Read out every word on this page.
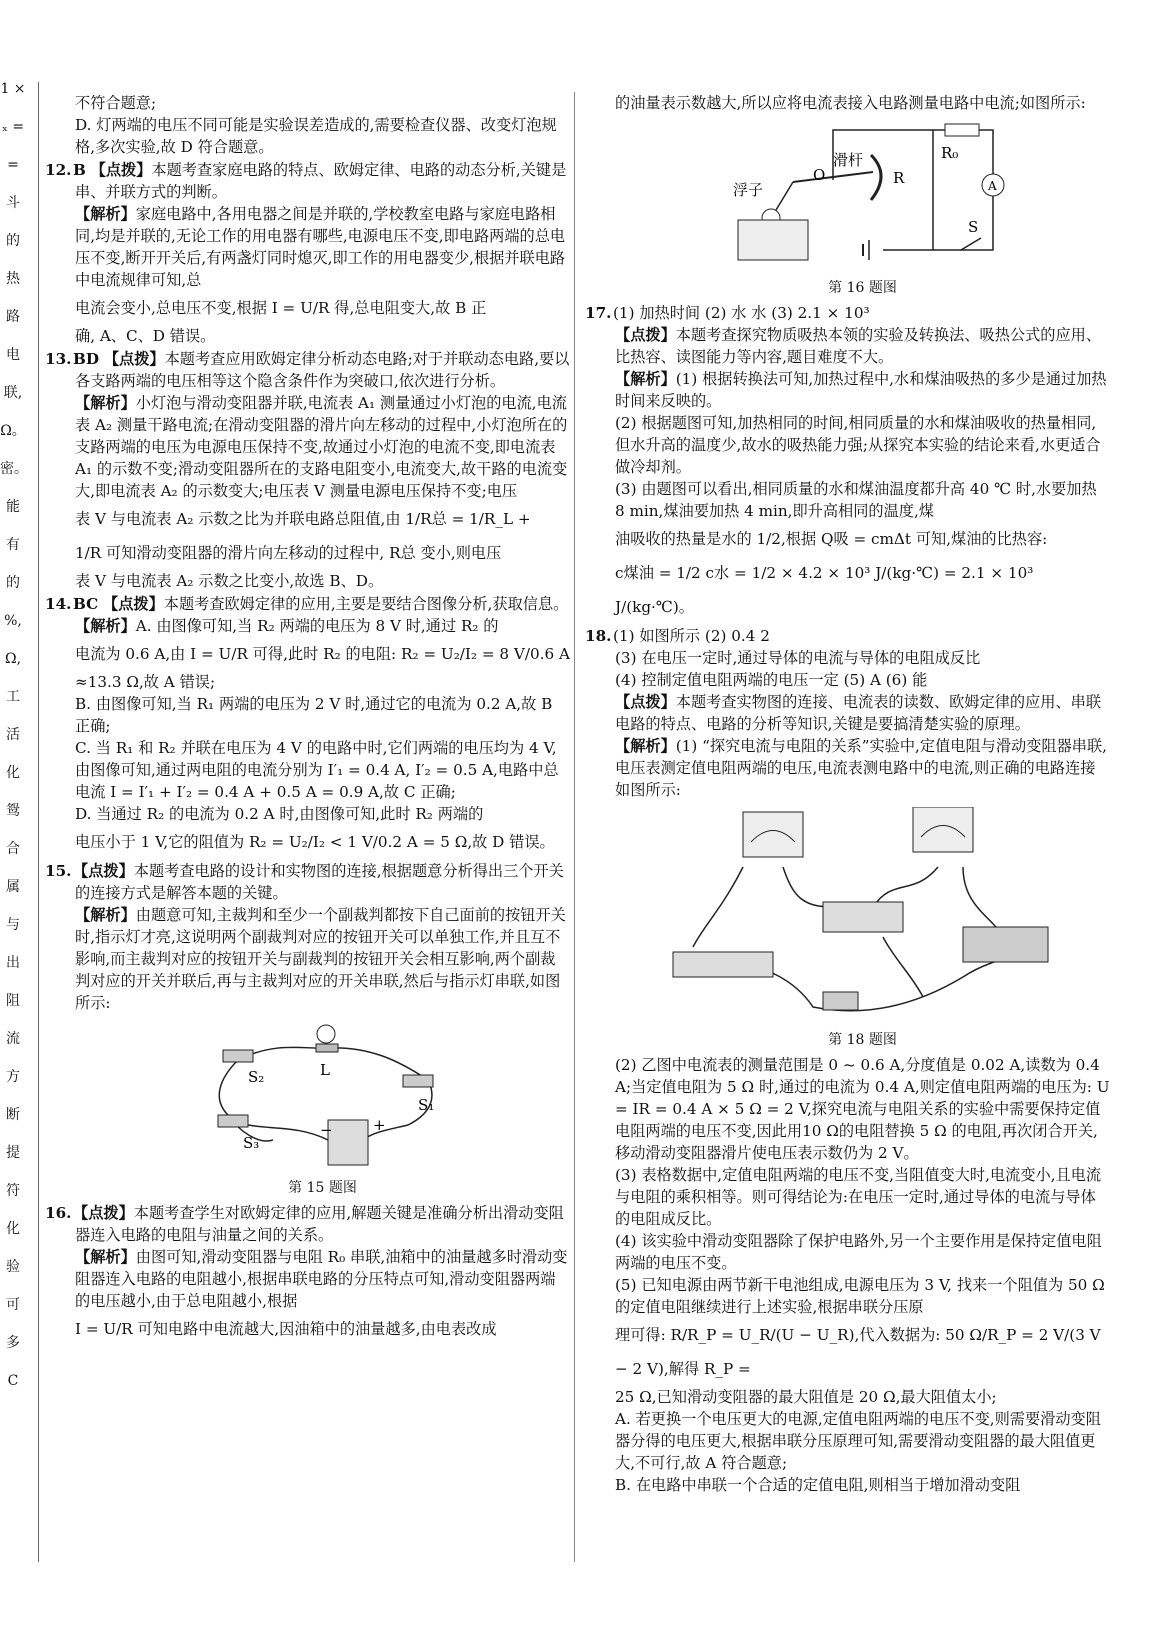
1 ×
ₓ =
=
斗
的
热
路
电
联,
Ω。
密。
能
有
的
%,
Ω,
工
活
化
鸳
合
属
与
出
阻
流
方
断
提
符
化
验
可
多
C

不符合题意;

D. 灯两端的电压不同可能是实验误差造成的,需要检查仪器、改变灯泡规格,多次实验,故 D 符合题意。

12. B 【点拨】本题考查家庭电路的特点、欧姆定律、电路的动态分析,关键是串、并联方式的判断。

【解析】家庭电路中,各用电器之间是并联的,学校教室电路与家庭电路相同,均是并联的,无论工作的用电器有哪些,电源电压不变,即电路两端的总电压不变,断开开关后,有两盏灯同时熄灭,即工作的用电器变少,根据并联电路中电流规律可知,总

电流会变小,总电压不变,根据 I = U/R 得,总电阻变大,故 B 正

确, A、C、D 错误。

13. BD 【点拨】本题考查应用欧姆定律分析动态电路;对于并联动态电路,要以各支路两端的电压相等这个隐含条件作为突破口,依次进行分析。

【解析】小灯泡与滑动变阻器并联,电流表 A₁ 测量通过小灯泡的电流,电流表 A₂ 测量干路电流;在滑动变阻器的滑片向左移动的过程中,小灯泡所在的支路两端的电压为电源电压保持不变,故通过小灯泡的电流不变,即电流表 A₁ 的示数不变;滑动变阻器所在的支路电阻变小,电流变大,故干路的电流变大,即电流表 A₂ 的示数变大;电压表 V 测量电源电压保持不变;电压

表 V 与电流表 A₂ 示数之比为并联电路总阻值,由 1/R总 = 1/R_L +

1/R 可知滑动变阻器的滑片向左移动的过程中, R总 变小,则电压

表 V 与电流表 A₂ 示数之比变小,故选 B、D。

14. BC 【点拨】本题考查欧姆定律的应用,主要是要结合图像分析,获取信息。

【解析】A. 由图像可知,当 R₂ 两端的电压为 8 V 时,通过 R₂ 的

电流为 0.6 A,由 I = U/R 可得,此时 R₂ 的电阻: R₂ = U₂/I₂ = 8 V/0.6 A

≈13.3 Ω,故 A 错误;

B. 由图像可知,当 R₁ 两端的电压为 2 V 时,通过它的电流为 0.2 A,故 B 正确;

C. 当 R₁ 和 R₂ 并联在电压为 4 V 的电路中时,它们两端的电压均为 4 V,由图像可知,通过两电阻的电流分别为 I′₁ = 0.4 A, I′₂ = 0.5 A,电路中总电流 I = I′₁ + I′₂ = 0.4 A + 0.5 A = 0.9 A,故 C 正确;

D. 当通过 R₂ 的电流为 0.2 A 时,由图像可知,此时 R₂ 两端的

电压小于 1 V,它的阻值为 R₂ = U₂/I₂ < 1 V/0.2 A = 5 Ω,故 D 错误。

15. 【点拨】本题考查电路的设计和实物图的连接,根据题意分析得出三个开关的连接方式是解答本题的关键。

【解析】由题意可知,主裁判和至少一个副裁判都按下自己面前的按钮开关时,指示灯才亮,这说明两个副裁判对应的按钮开关可以单独工作,并且互不影响,而主裁判对应的按钮开关与副裁判的按钮开关会相互影响,两个副裁判对应的开关并联后,再与主裁判对应的开关串联,然后与指示灯串联,如图所示:

S₂	L
S₁
S₃
−	+

第 15 题图

16. 【点拨】本题考查学生对欧姆定律的应用,解题关键是准确分析出滑动变阻器连入电路的电阻与油量之间的关系。

【解析】由图可知,滑动变阻器与电阻 R₀ 串联,油箱中的油量越多时滑动变阻器连入电路的电阻越小,根据串联电路的分压特点可知,滑动变阻器两端的电压越小,由于总电阻越小,根据

I = U/R 可知电路中电流越大,因油箱中的油量越多,由电表改成

的油量表示数越大,所以应将电流表接入电路测量电路中电流;如图所示:

R₀
O
滑杆
R
浮子	A
S

第 16 题图

17. (1) 加热时间 (2) 水 水 (3) 2.1 × 10³

【点拨】本题考查探究物质吸热本领的实验及转换法、吸热公式的应用、比热容、读图能力等内容,题目难度不大。

【解析】(1) 根据转换法可知,加热过程中,水和煤油吸热的多少是通过加热时间来反映的。

(2) 根据题图可知,加热相同的时间,相同质量的水和煤油吸收的热量相同,但水升高的温度少,故水的吸热能力强;从探究本实验的结论来看,水更适合做冷却剂。

(3) 由题图可以看出,相同质量的水和煤油温度都升高 40 ℃ 时,水要加热 8 min,煤油要加热 4 min,即升高相同的温度,煤

油吸收的热量是水的 1/2,根据 Q吸 = cmΔt 可知,煤油的比热容:

c煤油 = 1/2 c水 = 1/2 × 4.2 × 10³ J/(kg·℃) = 2.1 × 10³ J/(kg·℃)。

18. (1) 如图所示 (2) 0.4 2

(3) 在电压一定时,通过导体的电流与导体的电阻成反比

(4) 控制定值电阻两端的电压一定 (5) A (6) 能

【点拨】本题考查实物图的连接、电流表的读数、欧姆定律的应用、串联电路的特点、电路的分析等知识,关键是要搞清楚实验的原理。

【解析】(1) “探究电流与电阻的关系”实验中,定值电阻与滑动变阻器串联,电压表测定值电阻两端的电压,电流表测电路中的电流,则正确的电路连接如图所示:

第 18 题图

(2) 乙图中电流表的测量范围是 0 ~ 0.6 A,分度值是 0.02 A,读数为 0.4 A;当定值电阻为 5 Ω 时,通过的电流为 0.4 A,则定值电阻两端的电压为: U = IR = 0.4 A × 5 Ω = 2 V,探究电流与电阻关系的实验中需要保持定值电阻两端的电压不变,因此用10 Ω的电阻替换 5 Ω 的电阻,再次闭合开关,移动滑动变阻器滑片使电压表示数仍为 2 V。

(3) 表格数据中,定值电阻两端的电压不变,当阻值变大时,电流变小,且电流与电阻的乘积相等。则可得结论为:在电压一定时,通过导体的电流与导体的电阻成反比。

(4) 该实验中滑动变阻器除了保护电路外,另一个主要作用是保持定值电阻两端的电压不变。

(5) 已知电源由两节新干电池组成,电源电压为 3 V, 找来一个阻值为 50 Ω 的定值电阻继续进行上述实验,根据串联分压原

理可得: R/R_P = U_R/(U − U_R),代入数据为: 50 Ω/R_P = 2 V/(3 V − 2 V),解得 R_P =

25 Ω,已知滑动变阻器的最大阻值是 20 Ω,最大阻值太小;

A. 若更换一个电压更大的电源,定值电阻两端的电压不变,则需要滑动变阻器分得的电压更大,根据串联分压原理可知,需要滑动变阻器的最大阻值更大,不可行,故 A 符合题意;

B. 在电路中串联一个合适的定值电阻,则相当于增加滑动变阻
